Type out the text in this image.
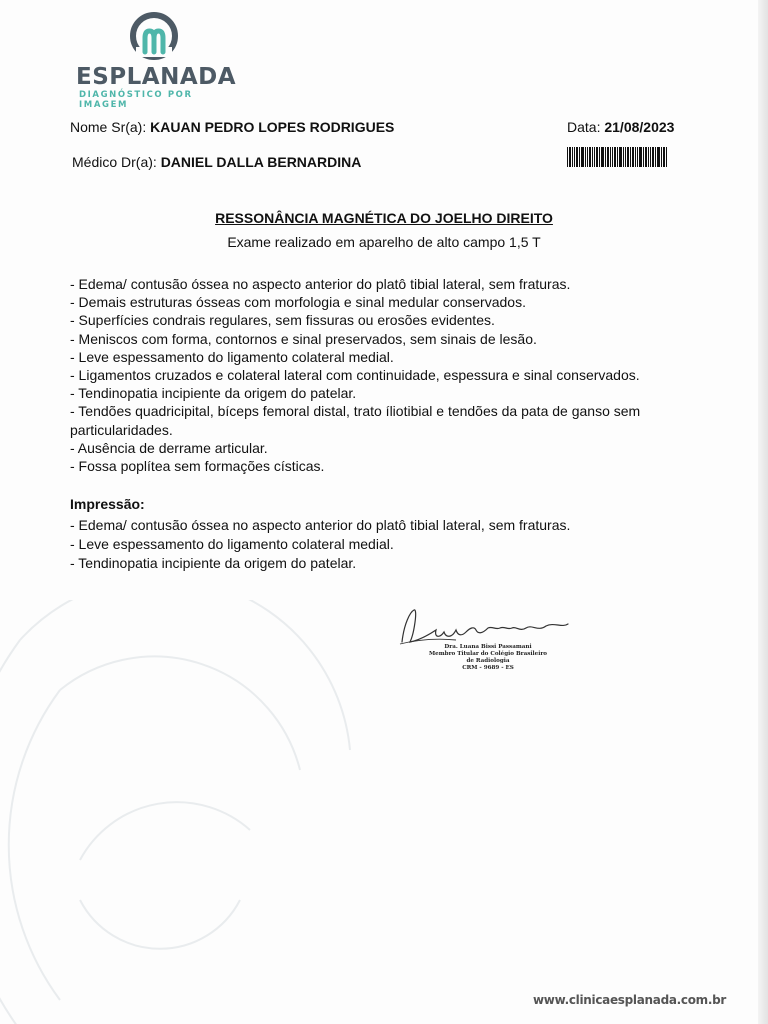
ESPLANADA
DIAGNÓSTICO POR IMAGEM
Nome Sr(a): KAUAN PEDRO LOPES RODRIGUES	Data: 21/08/2023
Médico Dr(a): DANIEL DALLA BERNARDINA
RESSONÂNCIA MAGNÉTICA DO JOELHO DIREITO
Exame realizado em aparelho de alto campo 1,5 T
- Edema/ contusão óssea no aspecto anterior do platô tibial lateral, sem fraturas.
- Demais estruturas ósseas com morfologia e sinal medular conservados.
- Superfícies condrais regulares, sem fissuras ou erosões evidentes.
- Meniscos com forma, contornos e sinal preservados, sem sinais de lesão.
- Leve espessamento do ligamento colateral medial.
- Ligamentos cruzados e colateral lateral com continuidade, espessura e sinal conservados.
- Tendinopatia incipiente da origem do patelar.
- Tendões quadricipital, bíceps femoral distal, trato íliotibial e tendões da pata de ganso sem particularidades.
- Ausência de derrame articular.
- Fossa poplítea sem formações císticas.
Impressão:
- Edema/ contusão óssea no aspecto anterior do platô tibial lateral, sem fraturas.
- Leve espessamento do ligamento colateral medial.
- Tendinopatia incipiente da origem do patelar.
Dra. Luana Bissi Passamani
Membro Titular do Colégio Brasileiro
de Radiologia
CRM - 9689 - ES
www.clinicaesplanada.com.br
